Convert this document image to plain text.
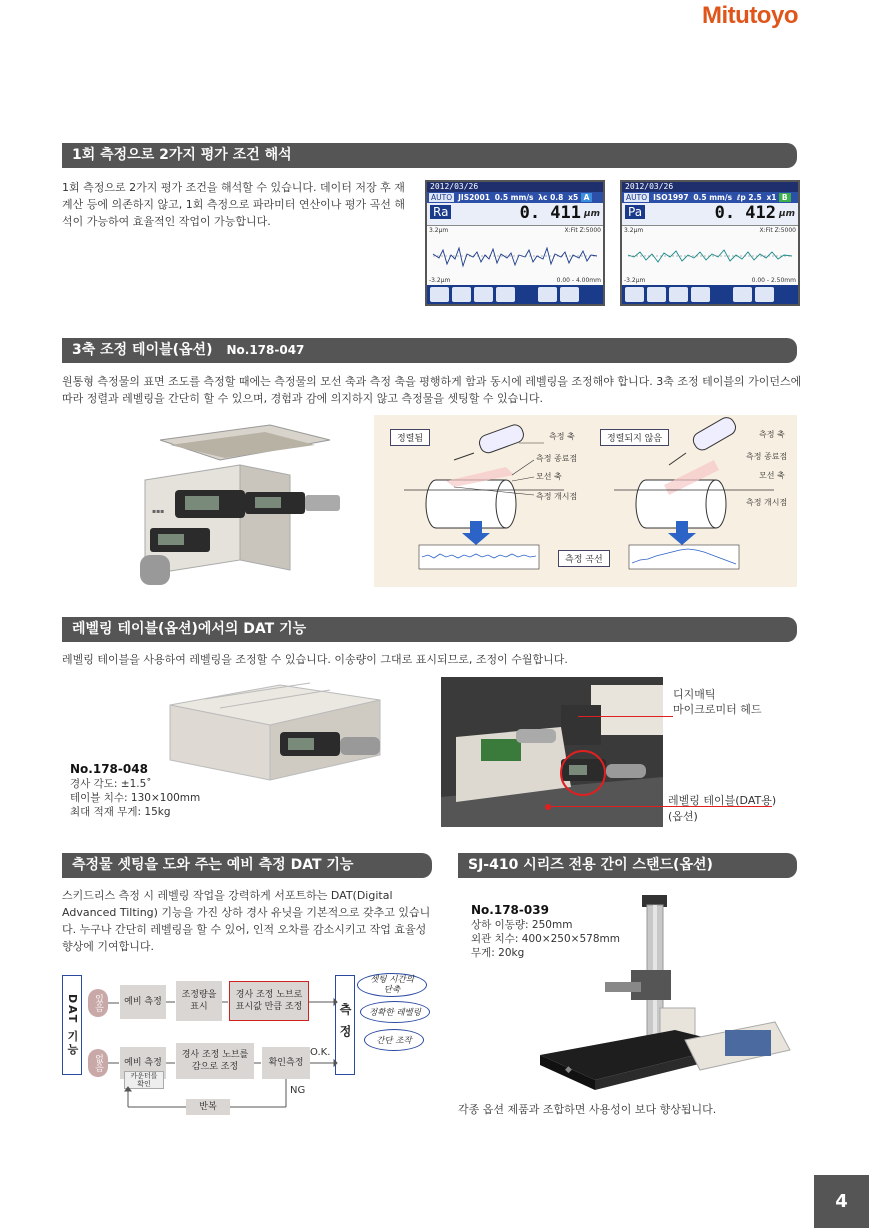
Mitutoyo
1회 측정으로 2가지 평가 조건 해석
1회 측정으로 2가지 평가 조건을 해석할 수 있습니다. 데이터 저장 후 재계산 등에 의존하지 않고, 1회 측정으로 파라미터 연산이나 평가 곡선 해석이 가능하여 효율적인 작업이 가능합니다.
2012/03/26
AUTO JIS2001 0.5 mm/s λc 0.8 x5 A
Ra	0. 411 μm
3.2μm	X:Fit Z:5000
-3.2μm	0.00 - 4.00mm
2012/03/26
AUTO ISO1997 0.5 mm/s ℓp 2.5 x1 B
Pa	0. 412 μm
3.2μm	X:Fit Z:5000
-3.2μm	0.00 - 2.50mm
3축 조정 테이블(옵션) No.178-047
원통형 측정물의 표면 조도를 측정할 때에는 측정물의 모선 축과 측정 축을 평행하게 함과 동시에 레벨링을 조정해야 합니다. 3축 조정 테이블의 가이던스에 따라 정렬과 레벨링을 간단히 할 수 있으며, 경험과 감에 의지하지 않고 측정물을 셋팅할 수 있습니다.
▪▪▪
정렬됨	정렬되지 않음
측정 축
측정 종료점
모선 축
측정 개시점
측정 축
측정 종료점
모선 축
측정 개시점
측정 곡선
레벨링 테이블(옵션)에서의 DAT 기능
레벨링 테이블을 사용하여 레벨링을 조정할 수 있습니다. 이송량이 그대로 표시되므로, 조정이 수월합니다.
No.178-048
경사 각도: ±1.5˚
테이블 치수: 130×100mm
최대 적재 무게: 15kg
디지매틱
마이크로미터 헤드
레벨링 테이블(DAT용)
(옵션)
측정물 셋팅을 도와 주는 예비 측정 DAT 기능
스키드리스 측정 시 레벨링 작업을 강력하게 서포트하는 DAT(Digital Advanced Tilting) 기능을 가진 상하 경사 유닛을 기본적으로 갖추고 있습니다. 누구나 간단히 레벨링을 할 수 있어, 인적 오차를 감소시키고 작업 효율성 향상에 기여합니다.
DAT 기능	있음
없음
예비 측정
조정량을
표시
경사 조정 노브로
표시값 만큼 조정
예비 측정
카운터를
확인
경사 조정 노브를
감으로 조정	확인측정
측정
셋팅 시간의
단축
정확한 레벨링
간단 조작
O.K.
NG
반복
SJ-410 시리즈 전용 간이 스탠드(옵션)
No.178-039
상하 이동량: 250mm
외관 치수: 400×250×578mm
무게: 20kg
◆
각종 옵션 제품과 조합하면 사용성이 보다 향상됩니다.
4
